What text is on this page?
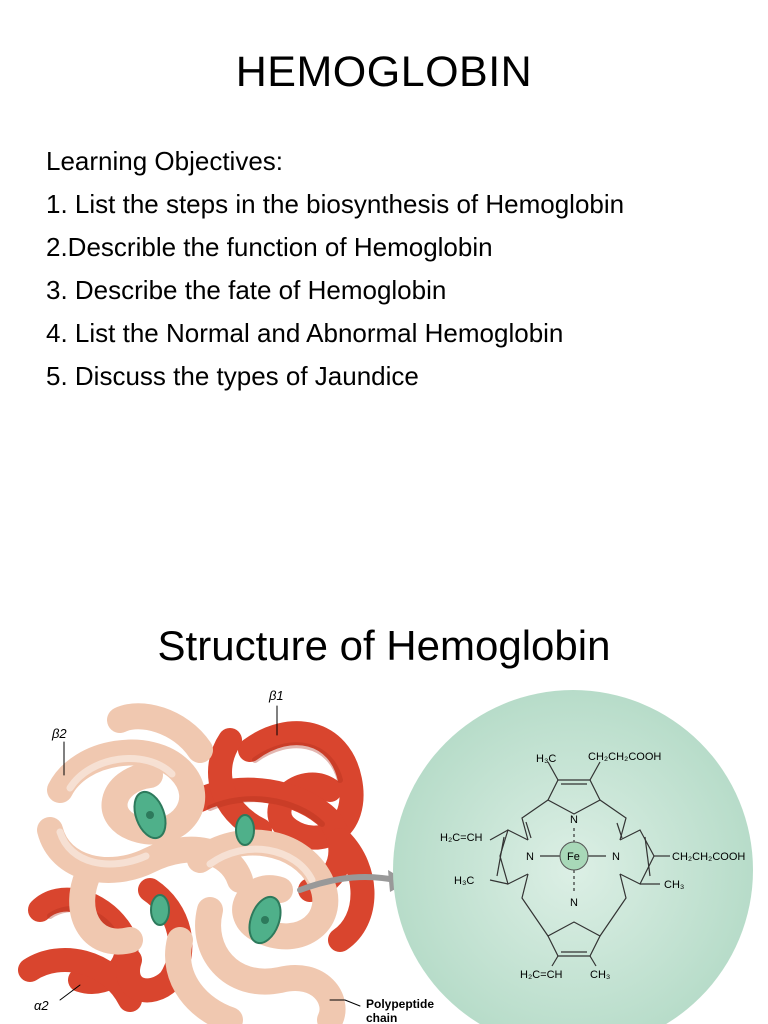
HEMOGLOBIN
Learning Objectives:
1. List the steps in the biosynthesis of Hemoglobin
2.Describle the function of Hemoglobin
3. Describe the fate of Hemoglobin
4. List the Normal and Abnormal Hemoglobin
5. Discuss the types of Jaundice
Structure of Hemoglobin
β1
β2
α2	Polypeptide
chain
H₃C	CH₂CH₂COOH
N
H₂C=CH
N	Fe	N	CH₂CH₂COOH
H₃C	CH₃
N
H₂C=CH	CH₃
